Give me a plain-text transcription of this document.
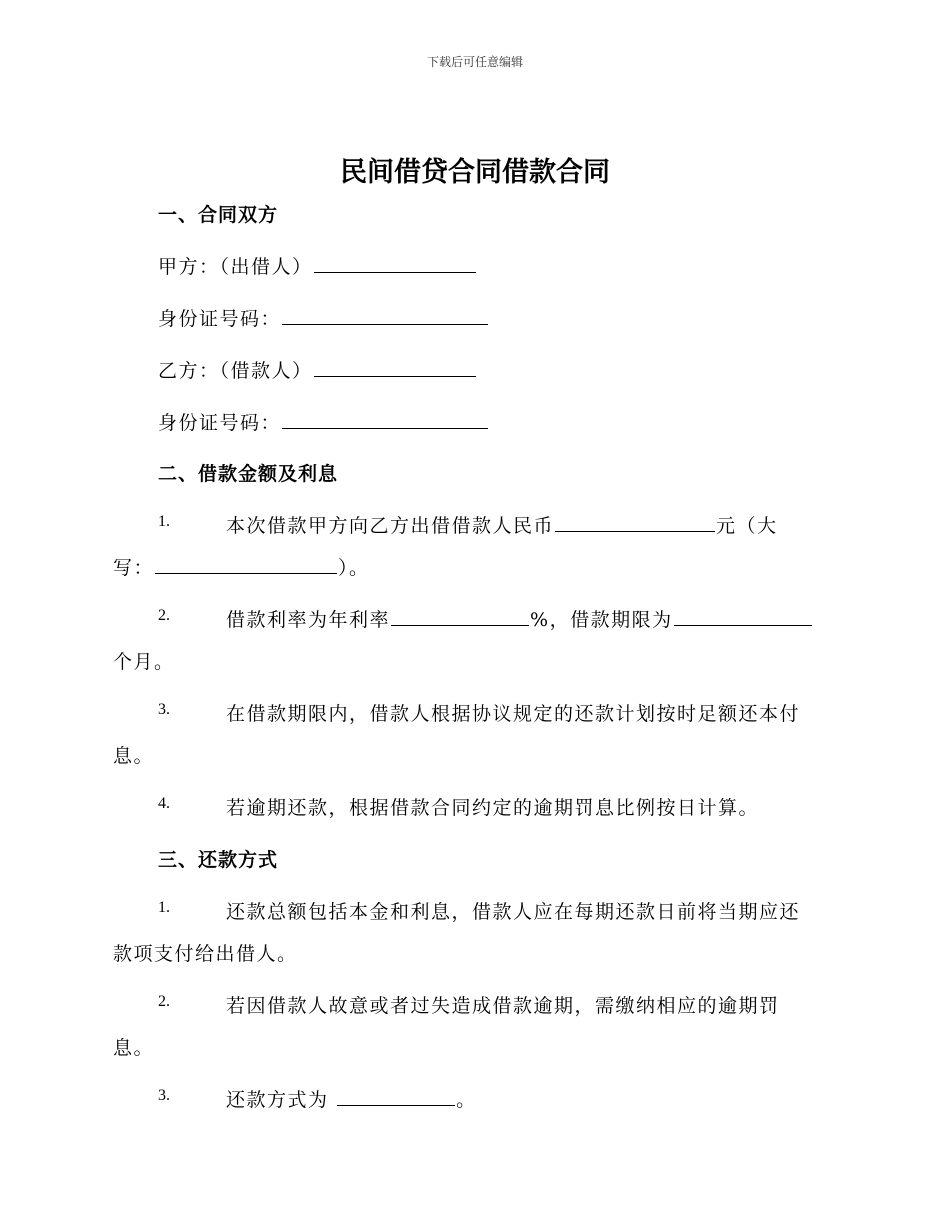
下载后可任意编辑
民间借贷合同借款合同
一、合同双方
甲方：（出借人）
身份证号码：
乙方：（借款人）
身份证号码：
二、借款金额及利息
1.	本次借款甲方向乙方出借借款人民币	元（大
写：	）。
2.	借款利率为年利率	%，借款期限为
个月。
3.	在借款期限内，借款人根据协议规定的还款计划按时足额还本付
息。
4.	若逾期还款，根据借款合同约定的逾期罚息比例按日计算。
三、还款方式
1.	还款总额包括本金和利息，借款人应在每期还款日前将当期应还
款项支付给出借人。
2.	若因借款人故意或者过失造成借款逾期，需缴纳相应的逾期罚
息。
3.	还款方式为	。
